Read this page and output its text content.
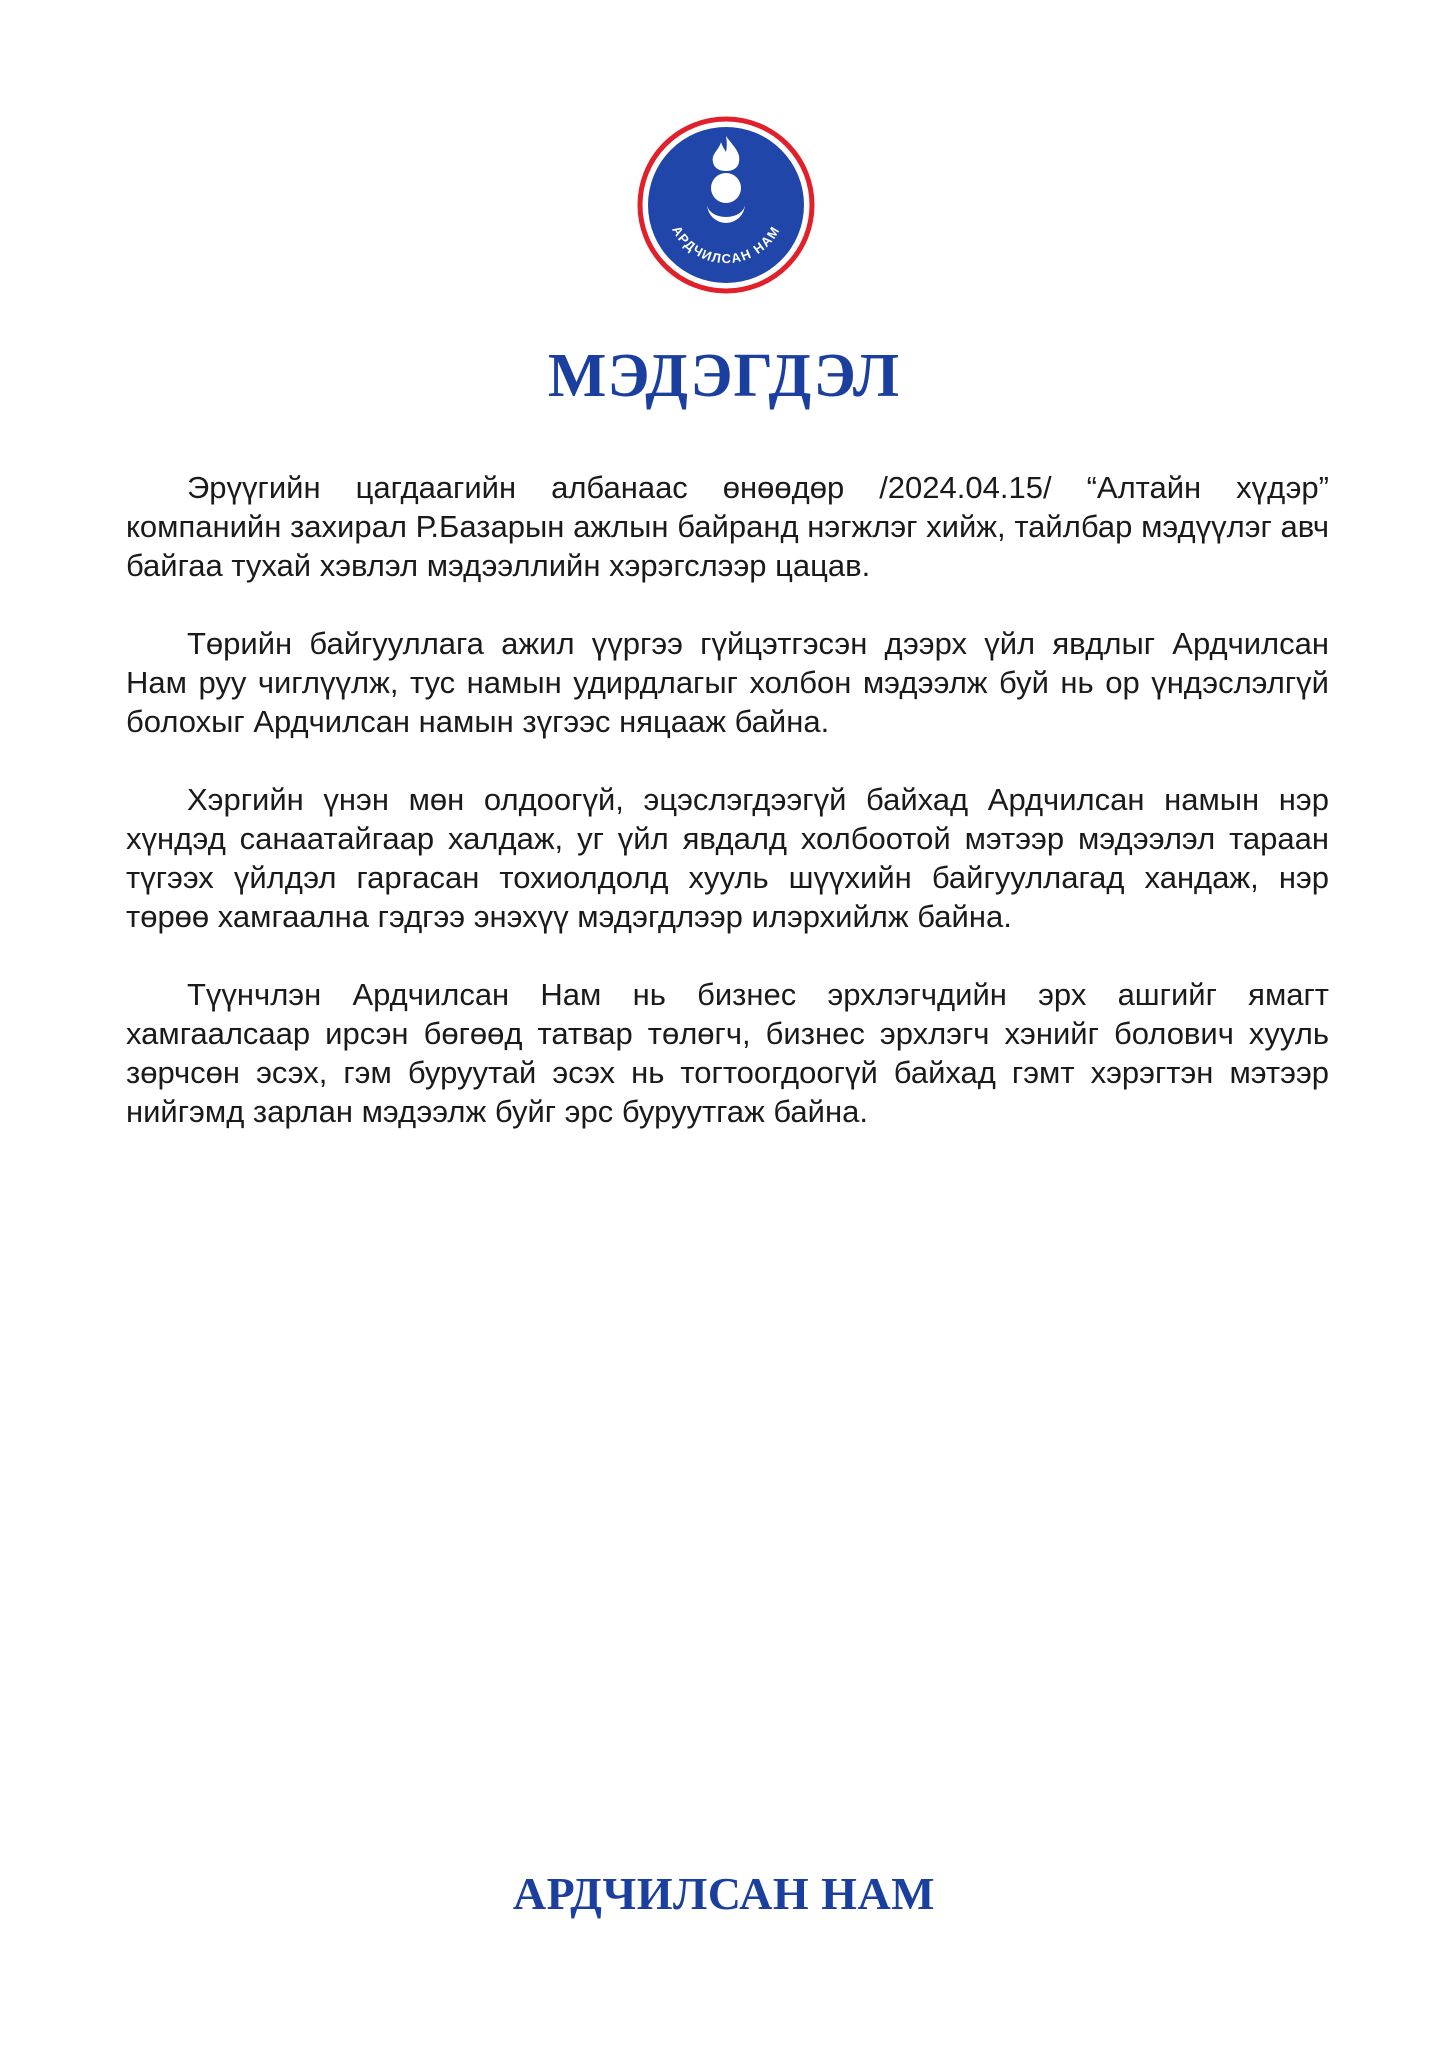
АРДЧИЛСАН НАМ
МЭДЭГДЭЛ

Эрүүгийн цагдаагийн албанаас өнөөдөр /2024.04.15/ “Алтайн хүдэр” компанийн захирал Р.Базарын ажлын байранд нэгжлэг хийж, тайлбар мэдүүлэг авч байгаа тухай хэвлэл мэдээллийн хэрэгслээр цацав.

Төрийн байгууллага ажил үүргээ гүйцэтгэсэн дээрх үйл явдлыг Ардчилсан Нам руу чиглүүлж, тус намын удирдлагыг холбон мэдээлж буй нь ор үндэслэлгүй болохыг Ардчилсан намын зүгээс няцааж байна.

Хэргийн үнэн мөн олдоогүй, эцэслэгдээгүй байхад Ардчилсан намын нэр хүндэд санаатайгаар халдаж, уг үйл явдалд холбоотой мэтээр мэдээлэл тараан түгээх үйлдэл гаргасан тохиолдолд хууль шүүхийн байгууллагад хандаж, нэр төрөө хамгаална гэдгээ энэхүү мэдэгдлээр илэрхийлж байна.

Түүнчлэн Ардчилсан Нам нь бизнес эрхлэгчдийн эрх ашгийг ямагт хамгаалсаар ирсэн бөгөөд татвар төлөгч, бизнес эрхлэгч хэнийг болович хууль зөрчсөн эсэх, гэм буруутай эсэх нь тогтоогдоогүй байхад гэмт хэрэгтэн мэтээр нийгэмд зарлан мэдээлж буйг эрс буруутгаж байна.

АРДЧИЛСАН НАМ
